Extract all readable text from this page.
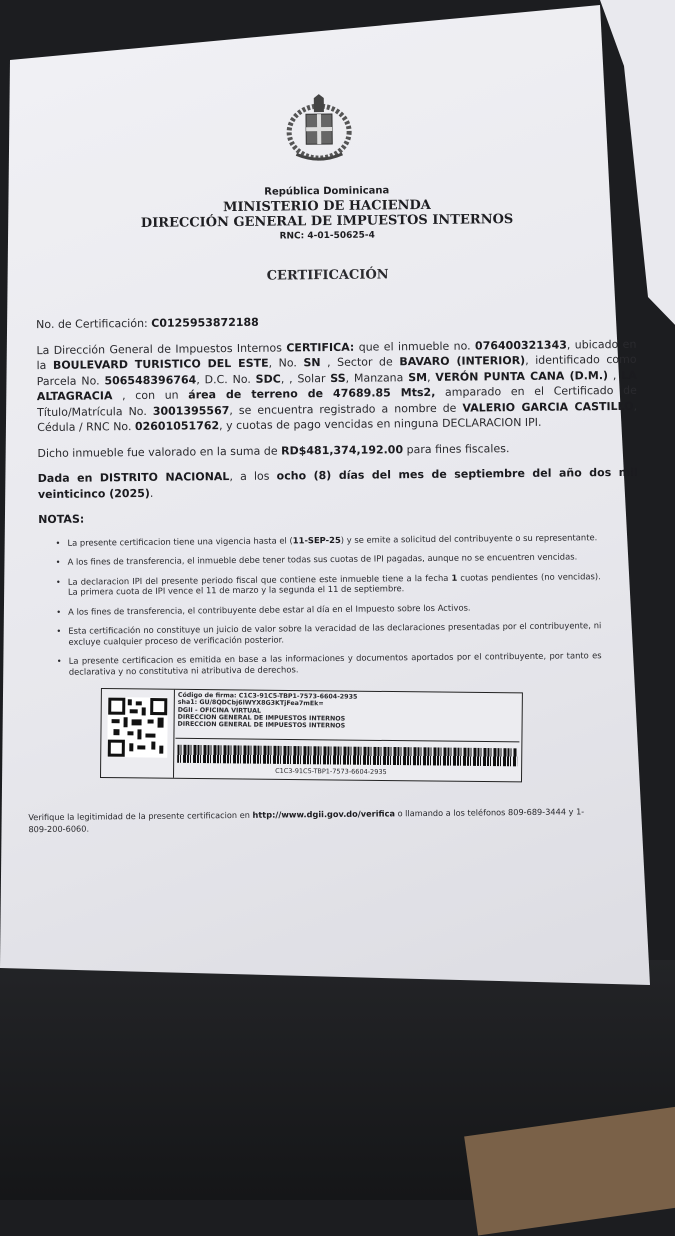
República Dominicana
MINISTERIO DE HACIENDA
DIRECCIÓN GENERAL DE IMPUESTOS INTERNOS
RNC: 4-01-50625-4
CERTIFICACIÓN
No. de Certificación: C0125953872188
La Dirección General de Impuestos Internos CERTIFICA: que el inmueble no. 076400321343, ubicado en la BOULEVARD TURISTICO DEL ESTE, No. SN , Sector de BAVARO (INTERIOR), identificado como Parcela No. 506548396764, D.C. No. SDC, , Solar SS, Manzana SM, VERÓN PUNTA CANA (D.M.) , LA ALTAGRACIA , con un área de terreno de 47689.85 Mts2, amparado en el Certificado de Título/Matrícula No. 3001395567, se encuentra registrado a nombre de VALERIO GARCIA CASTILLO, Cédula / RNC No. 02601051762, y cuotas de pago vencidas en ninguna DECLARACION IPI.
Dicho inmueble fue valorado en la suma de RD$481,374,192.00 para fines fiscales.
Dada en DISTRITO NACIONAL, a los ocho (8) días del mes de septiembre del año dos mil veinticinco (2025).
NOTAS:
• La presente certificacion tiene una vigencia hasta el (11-SEP-25) y se emite a solicitud del contribuyente o su representante.
• A los fines de transferencia, el inmueble debe tener todas sus cuotas de IPI pagadas, aunque no se encuentren vencidas.
• La declaracion IPI del presente periodo fiscal que contiene este inmueble tiene a la fecha 1 cuotas pendientes (no vencidas). La primera cuota de IPI vence el 11 de marzo y la segunda el 11 de septiembre.
• A los fines de transferencia, el contribuyente debe estar al día en el Impuesto sobre los Activos.
• Esta certificación no constituye un juicio de valor sobre la veracidad de las declaraciones presentadas por el contribuyente, ni excluye cualquier proceso de verificación posterior.
• La presente certificacion es emitida en base a las informaciones y documentos aportados por el contribuyente, por tanto es declarativa y no constitutiva ni atributiva de derechos.
Código de firma: C1C3-91C5-TBP1-7573-6604-2935
sha1: GU/8QDCbj6lWYX8G3KTjFea7mEk=
DGII - OFICINA VIRTUAL
DIRECCION GENERAL DE IMPUESTOS INTERNOS
DIRECCION GENERAL DE IMPUESTOS INTERNOS
C1C3-91C5-TBP1-7573-6604-2935
Verifique la legitimidad de la presente certificacion en http://www.dgii.gov.do/verifica o llamando a los teléfonos 809-689-3444 y 1-809-200-6060.
